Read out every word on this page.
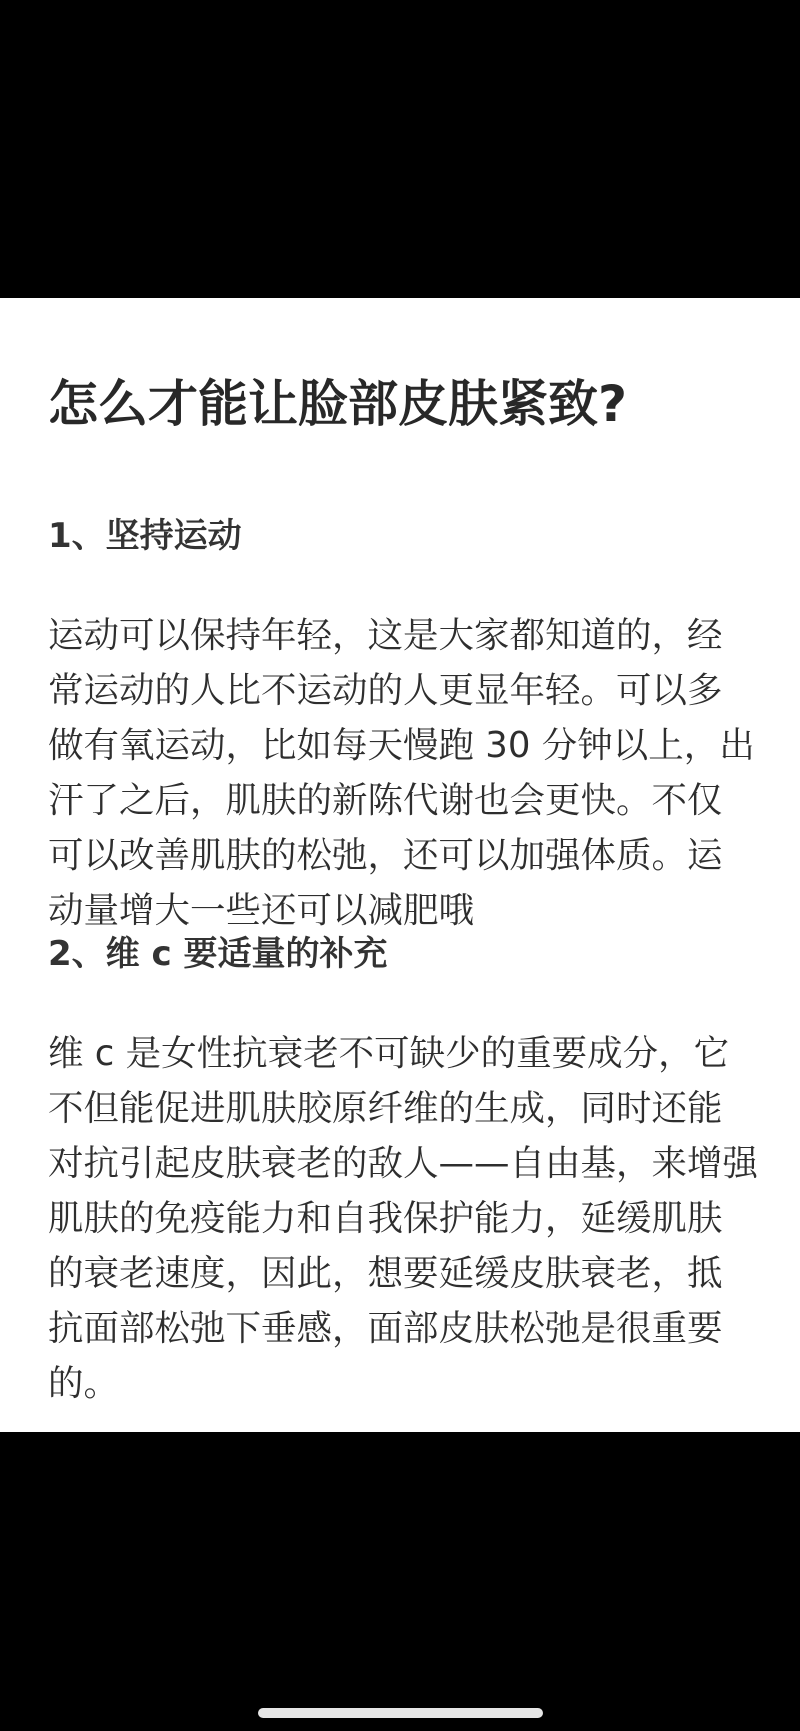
怎么才能让脸部皮肤紧致?
1、坚持运动

运动可以保持年轻，这是大家都知道的，经
常运动的人比不运动的人更显年轻。可以多
做有氧运动，比如每天慢跑 30 分钟以上，出
汗了之后，肌肤的新陈代谢也会更快。不仅
可以改善肌肤的松弛，还可以加强体质。运
动量增大一些还可以减肥哦

2、维 c 要适量的补充

维 c 是女性抗衰老不可缺少的重要成分，它
不但能促进肌肤胶原纤维的生成，同时还能
对抗引起皮肤衰老的敌人——自由基，来增强
肌肤的免疫能力和自我保护能力，延缓肌肤
的衰老速度，因此，想要延缓皮肤衰老，抵
抗面部松弛下垂感，面部皮肤松弛是很重要
的。
